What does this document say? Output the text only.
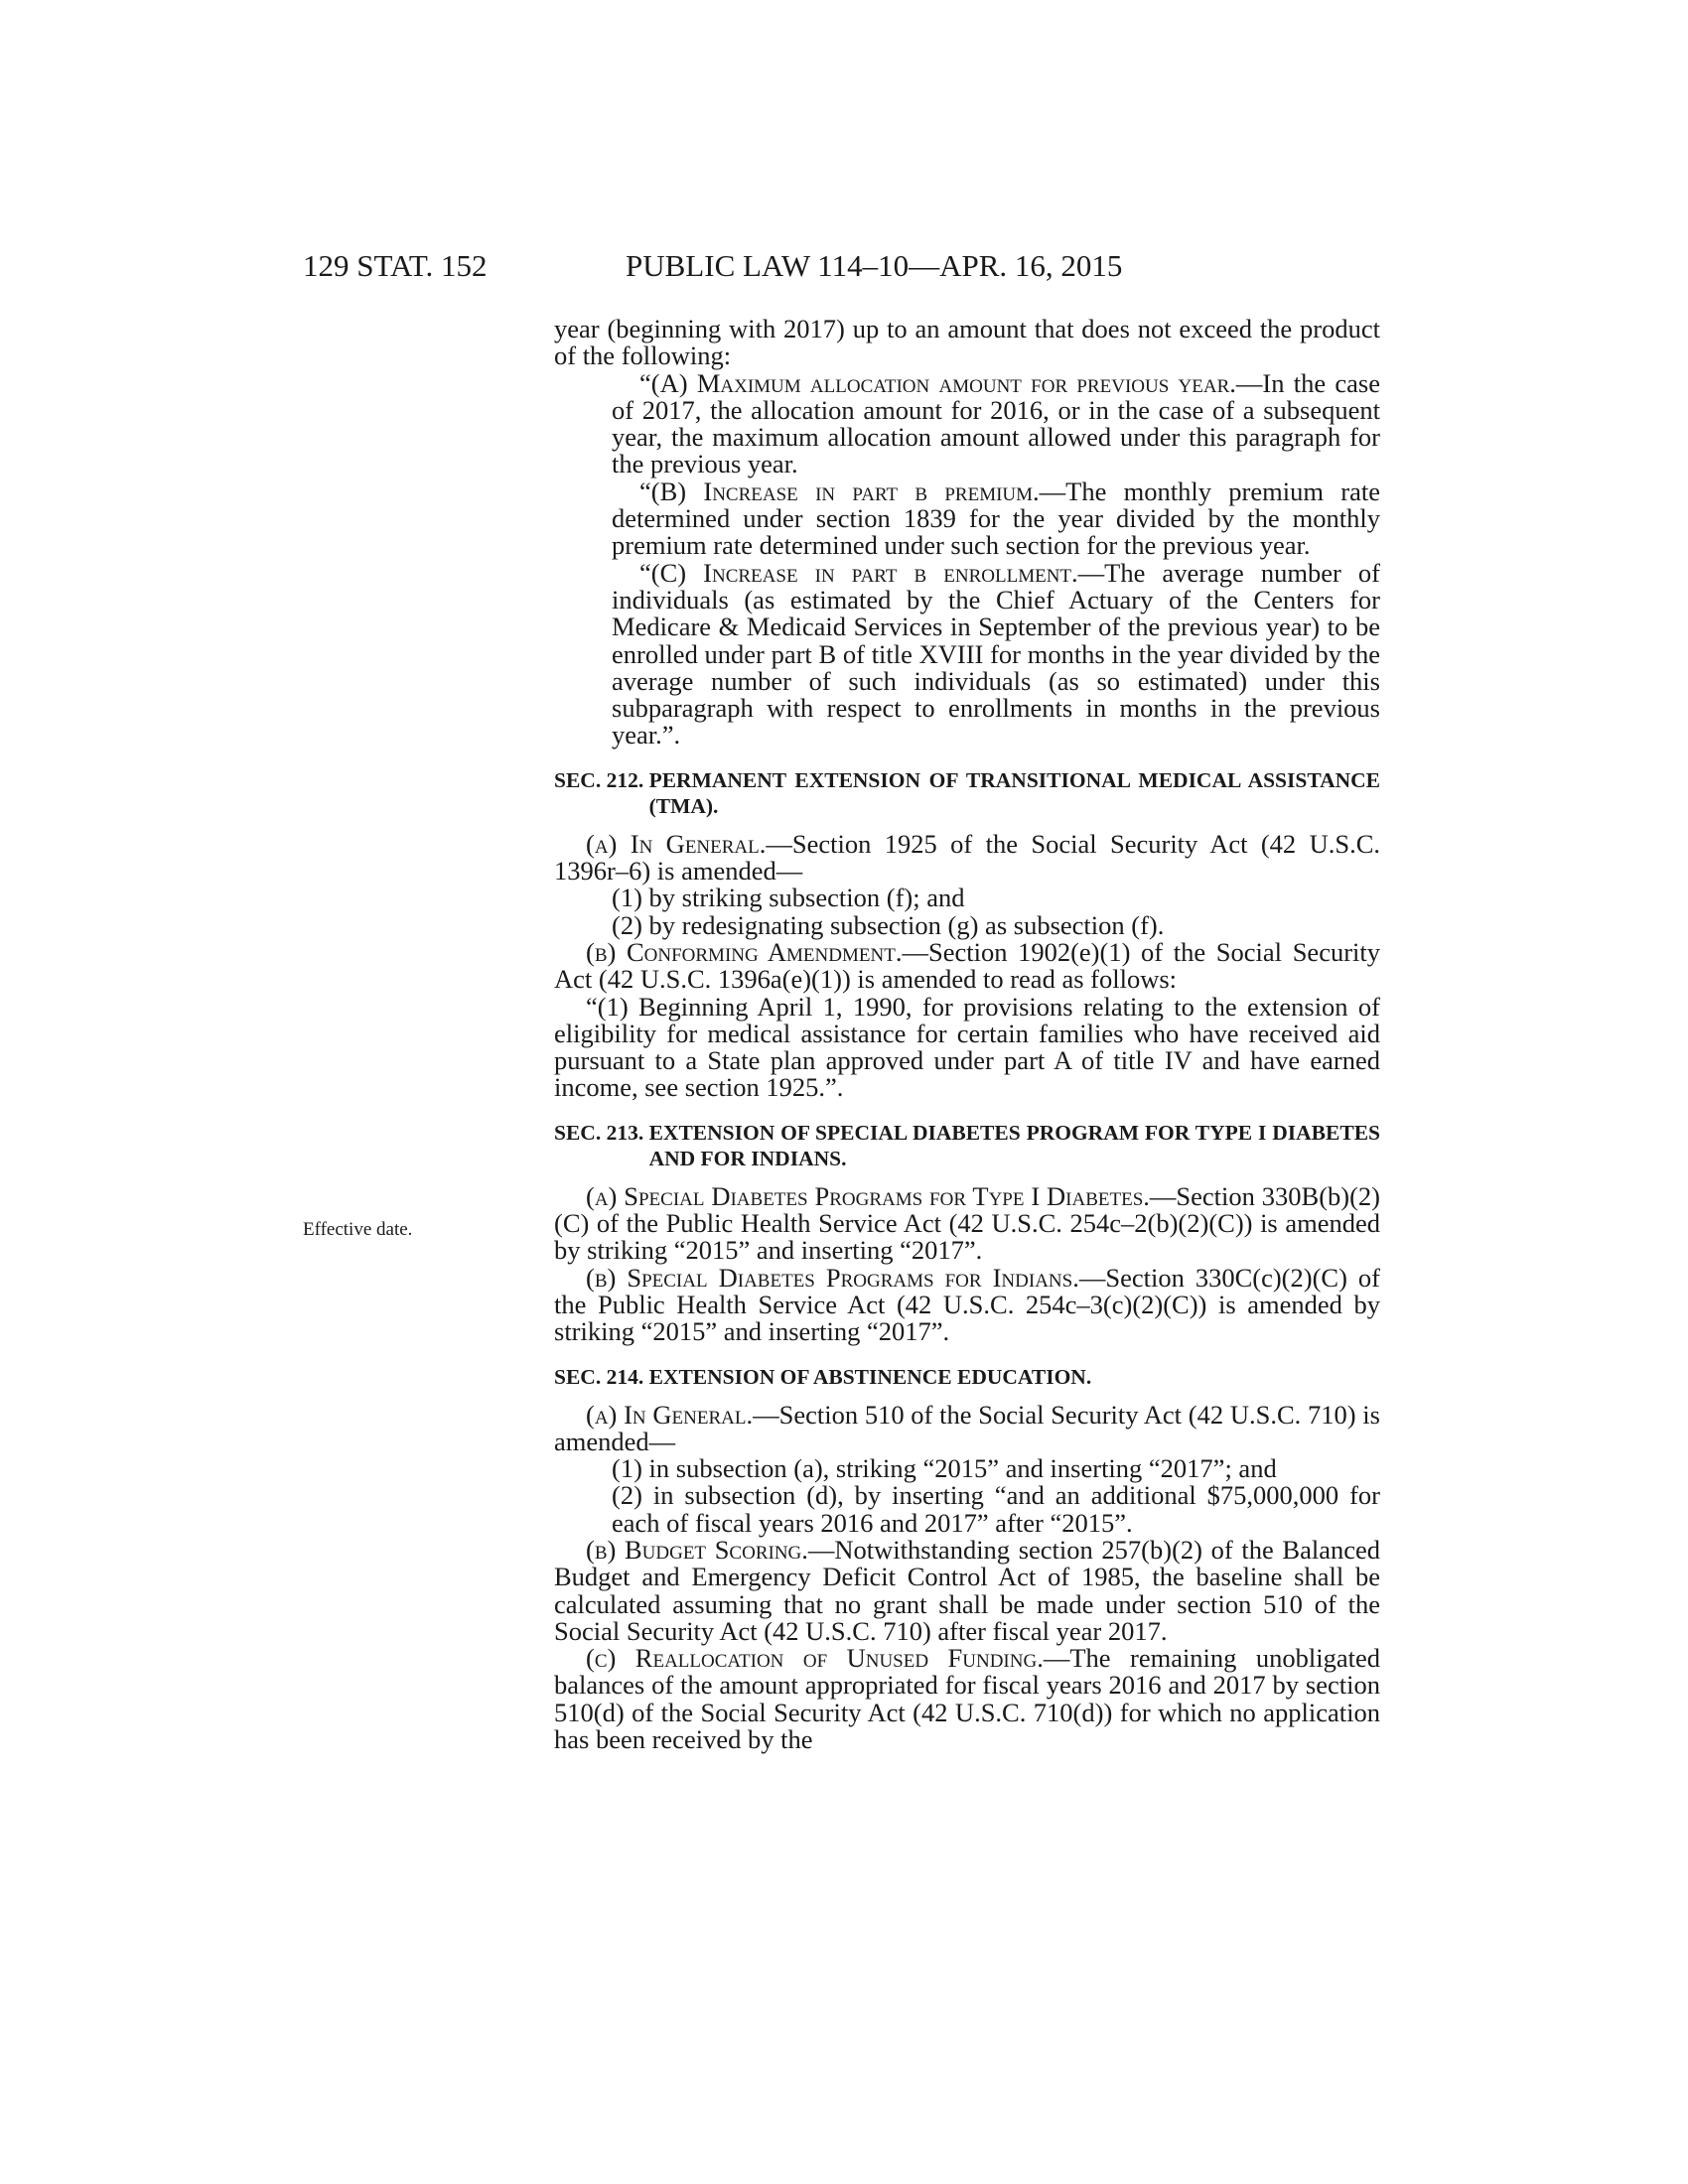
129 STAT. 152	PUBLIC LAW 114–10—APR. 16, 2015
Effective date.

year (beginning with 2017) up to an amount that does not exceed the product of the following:

“(A) Maximum allocation amount for previous year.—In the case of 2017, the allocation amount for 2016, or in the case of a subsequent year, the maximum allocation amount allowed under this paragraph for the previous year.

“(B) Increase in part b premium.—The monthly premium rate determined under section 1839 for the year divided by the monthly premium rate determined under such section for the previous year.

“(C) Increase in part b enrollment.—The average number of individuals (as estimated by the Chief Actuary of the Centers for Medicare & Medicaid Services in September of the previous year) to be enrolled under part B of title XVIII for months in the year divided by the average number of such individuals (as so estimated) under this subparagraph with respect to enrollments in months in the previous year.”.

SEC. 212. PERMANENT EXTENSION OF TRANSITIONAL MEDICAL ASSISTANCE (TMA).

(a) In General.—Section 1925 of the Social Security Act (42 U.S.C. 1396r–6) is amended—

(1) by striking subsection (f); and

(2) by redesignating subsection (g) as subsection (f).

(b) Conforming Amendment.—Section 1902(e)(1) of the Social Security Act (42 U.S.C. 1396a(e)(1)) is amended to read as follows:

“(1) Beginning April 1, 1990, for provisions relating to the extension of eligibility for medical assistance for certain families who have received aid pursuant to a State plan approved under part A of title IV and have earned income, see section 1925.”.

SEC. 213. EXTENSION OF SPECIAL DIABETES PROGRAM FOR TYPE I DIABETES AND FOR INDIANS.

(a) Special Diabetes Programs for Type I Diabetes.—Section 330B(b)(2)(C) of the Public Health Service Act (42 U.S.C. 254c–2(b)(2)(C)) is amended by striking “2015” and inserting “2017”.

(b) Special Diabetes Programs for Indians.—Section 330C(c)(2)(C) of the Public Health Service Act (42 U.S.C. 254c–3(c)(2)(C)) is amended by striking “2015” and inserting “2017”.

SEC. 214. EXTENSION OF ABSTINENCE EDUCATION.

(a) In General.—Section 510 of the Social Security Act (42 U.S.C. 710) is amended—

(1) in subsection (a), striking “2015” and inserting “2017”; and

(2) in subsection (d), by inserting “and an additional $75,000,000 for each of fiscal years 2016 and 2017” after “2015”.

(b) Budget Scoring.—Notwithstanding section 257(b)(2) of the Balanced Budget and Emergency Deficit Control Act of 1985, the baseline shall be calculated assuming that no grant shall be made under section 510 of the Social Security Act (42 U.S.C. 710) after fiscal year 2017.

(c) Reallocation of Unused Funding.—The remaining unobligated balances of the amount appropriated for fiscal years 2016 and 2017 by section 510(d) of the Social Security Act (42 U.S.C. 710(d)) for which no application has been received by the
